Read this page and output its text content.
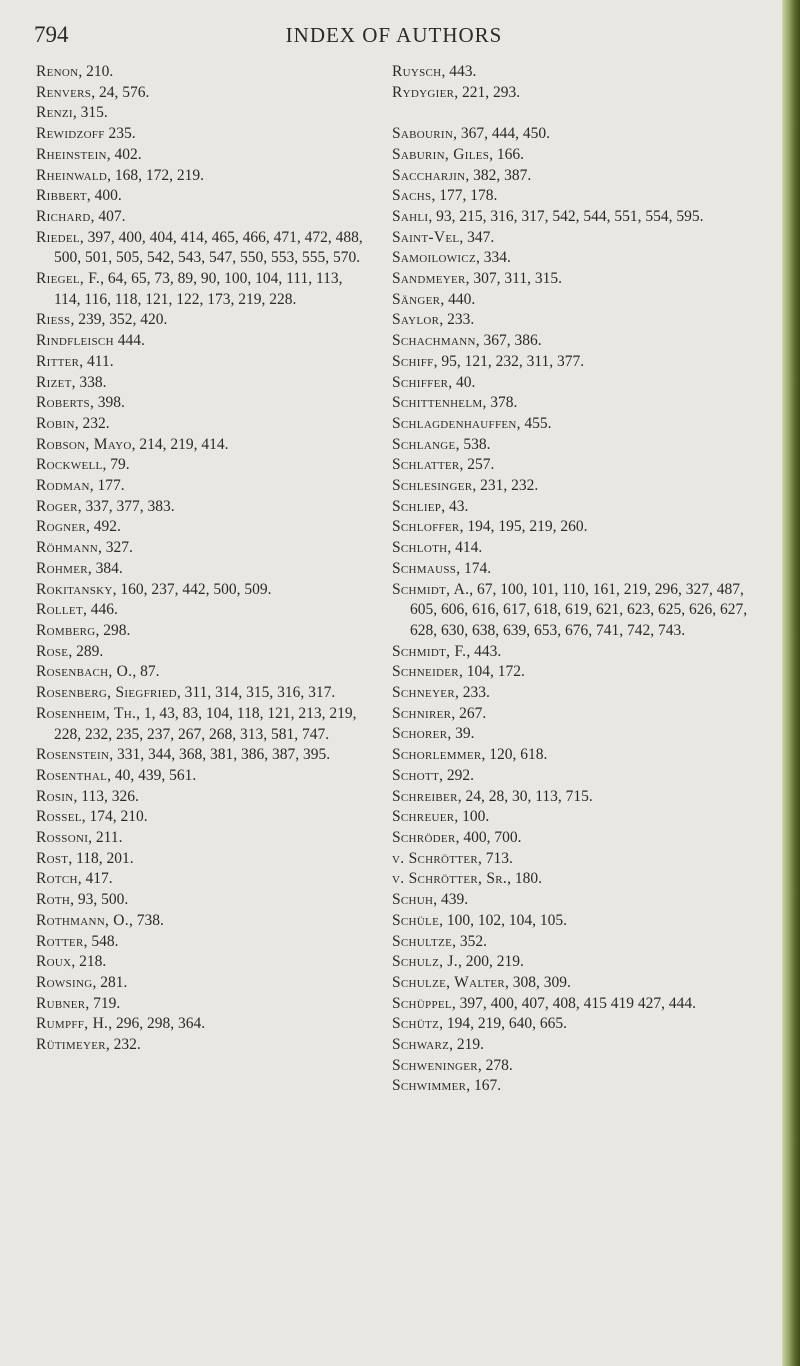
794	INDEX OF AUTHORS

Renon, 210.

Renvers, 24, 576.

Renzi, 315.

Rewidzoff 235.

Rheinstein, 402.

Rheinwald, 168, 172, 219.

Ribbert, 400.

Richard, 407.

Riedel, 397, 400, 404, 414, 465, 466, 471, 472, 488, 500, 501, 505, 542, 543, 547, 550, 553, 555, 570.

Riegel, F., 64, 65, 73, 89, 90, 100, 104, 111, 113, 114, 116, 118, 121, 122, 173, 219, 228.

Riess, 239, 352, 420.

Rindfleisch 444.

Ritter, 411.

Rizet, 338.

Roberts, 398.

Robin, 232.

Robson, Mayo, 214, 219, 414.

Rockwell, 79.

Rodman, 177.

Roger, 337, 377, 383.

Rogner, 492.

Röhmann, 327.

Rohmer, 384.

Rokitansky, 160, 237, 442, 500, 509.

Rollet, 446.

Romberg, 298.

Rose, 289.

Rosenbach, O., 87.

Rosenberg, Siegfried, 311, 314, 315, 316, 317.

Rosenheim, Th., 1, 43, 83, 104, 118, 121, 213, 219, 228, 232, 235, 237, 267, 268, 313, 581, 747.

Rosenstein, 331, 344, 368, 381, 386, 387, 395.

Rosenthal, 40, 439, 561.

Rosin, 113, 326.

Rossel, 174, 210.

Rossoni, 211.

Rost, 118, 201.

Rotch, 417.

Roth, 93, 500.

Rothmann, O., 738.

Rotter, 548.

Roux, 218.

Rowsing, 281.

Rubner, 719.

Rumpff, H., 296, 298, 364.

Rütimeyer, 232.

Ruysch, 443.

Rydygier, 221, 293.

Sabourin, 367, 444, 450.

Saburin, Giles, 166.

Saccharjin, 382, 387.

Sachs, 177, 178.

Sahli, 93, 215, 316, 317, 542, 544, 551, 554, 595.

Saint-Vel, 347.

Samoilowicz, 334.

Sandmeyer, 307, 311, 315.

Sänger, 440.

Saylor, 233.

Schachmann, 367, 386.

Schiff, 95, 121, 232, 311, 377.

Schiffer, 40.

Schittenhelm, 378.

Schlagdenhauffen, 455.

Schlange, 538.

Schlatter, 257.

Schlesinger, 231, 232.

Schliep, 43.

Schloffer, 194, 195, 219, 260.

Schloth, 414.

Schmauss, 174.

Schmidt, A., 67, 100, 101, 110, 161, 219, 296, 327, 487, 605, 606, 616, 617, 618, 619, 621, 623, 625, 626, 627, 628, 630, 638, 639, 653, 676, 741, 742, 743.

Schmidt, F., 443.

Schneider, 104, 172.

Schneyer, 233.

Schnirer, 267.

Schorer, 39.

Schorlemmer, 120, 618.

Schott, 292.

Schreiber, 24, 28, 30, 113, 715.

Schreuer, 100.

Schröder, 400, 700.

v. Schrötter, 713.

v. Schrötter, Sr., 180.

Schuh, 439.

Schüle, 100, 102, 104, 105.

Schultze, 352.

Schulz, J., 200, 219.

Schulze, Walter, 308, 309.

Schüppel, 397, 400, 407, 408, 415 419 427, 444.

Schütz, 194, 219, 640, 665.

Schwarz, 219.

Schweninger, 278.

Schwimmer, 167.
